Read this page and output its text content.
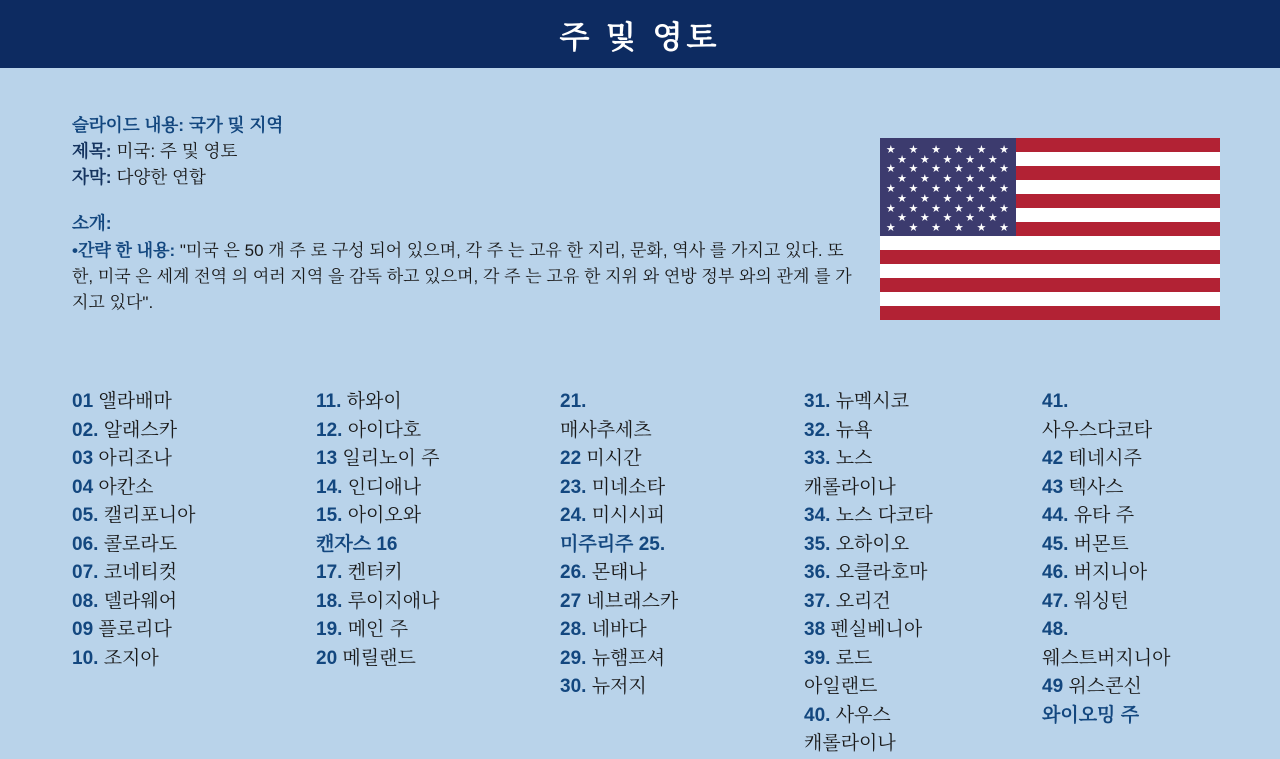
주 및 영토
슬라이드 내용: 국가 및 지역
제목: 미국: 주 및 영토
자막: 다양한 연합
소개:
•간략 한 내용: "미국 은 50 개 주 로 구성 되어 있으며, 각 주 는 고유 한 지리, 문화, 역사 를 가지고 있다. 또한, 미국 은 세계 전역 의 여러 지역 을 감독 하고 있으며, 각 주 는 고유 한 지위 와 연방 정부 와의 관계 를 가지고 있다".
★ ★ ★ ★ ★ ★
★ ★ ★ ★ ★
★ ★ ★ ★ ★ ★
★ ★ ★ ★ ★
★ ★ ★ ★ ★ ★
★ ★ ★ ★ ★
★ ★ ★ ★ ★ ★
★ ★ ★ ★ ★
★ ★ ★ ★ ★ ★
01 앨라배마
02. 알래스카
03 아리조나
04 아칸소
05. 캘리포니아
06. 콜로라도
07. 코네티컷
08. 델라웨어
09 플로리다
10. 조지아
11. 하와이
12. 아이다호
13 일리노이 주
14. 인디애나
15. 아이오와
캔자스 16
17. 켄터키
18. 루이지애나
19. 메인 주
20 메릴랜드
21.
매사추세츠
22 미시간
23. 미네소타
24. 미시시피
미주리주 25.
26. 몬태나
27 네브래스카
28. 네바다
29. 뉴햄프셔
30. 뉴저지
31. 뉴멕시코
32. 뉴욕
33. 노스
캐롤라이나
34. 노스 다코타
35. 오하이오
36. 오클라호마
37. 오리건
38 펜실베니아
39. 로드
아일랜드
40. 사우스
캐롤라이나
41.
사우스다코타
42 테네시주
43 텍사스
44. 유타 주
45. 버몬트
46. 버지니아
47. 워싱턴
48.
웨스트버지니아
49 위스콘신
와이오밍 주
